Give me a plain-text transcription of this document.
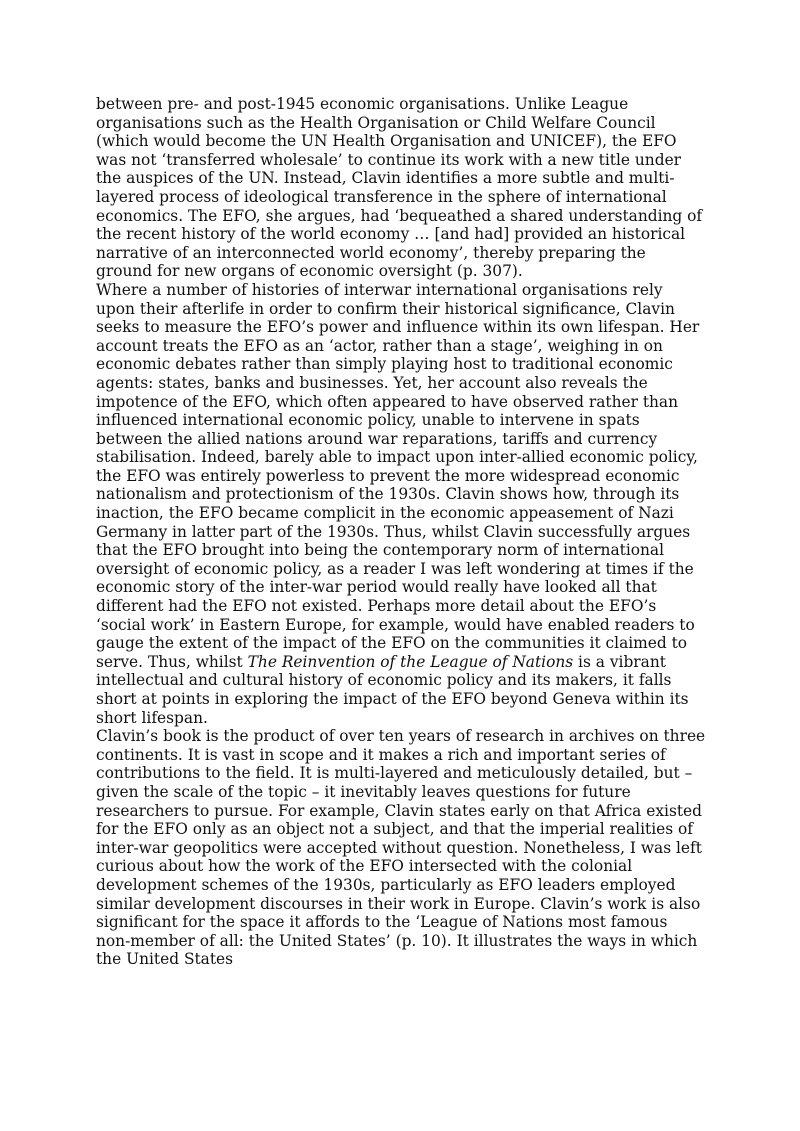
between pre- and post-1945 economic organisations. Unlike League organisations such as the Health Organisation or Child Welfare Council (which would become the UN Health Organisation and UNICEF), the EFO was not ‘transferred wholesale’ to continue its work with a new title under the auspices of the UN. Instead, Clavin identifies a more subtle and multi-layered process of ideological transference in the sphere of international economics. The EFO, she argues, had ‘bequeathed a shared understanding of the recent history of the world economy … [and had] provided an historical narrative of an interconnected world economy’, thereby preparing the ground for new organs of economic oversight (p. 307).

Where a number of histories of interwar international organisations rely upon their afterlife in order to confirm their historical significance, Clavin seeks to measure the EFO’s power and influence within its own lifespan. Her account treats the EFO as an ‘actor, rather than a stage’, weighing in on economic debates rather than simply playing host to traditional economic agents: states, banks and businesses. Yet, her account also reveals the impotence of the EFO, which often appeared to have observed rather than influenced international economic policy, unable to intervene in spats between the allied nations around war reparations, tariffs and currency stabilisation. Indeed, barely able to impact upon inter-allied economic policy, the EFO was entirely powerless to prevent the more widespread economic nationalism and protectionism of the 1930s. Clavin shows how, through its inaction, the EFO became complicit in the economic appeasement of Nazi Germany in latter part of the 1930s. Thus, whilst Clavin successfully argues that the EFO brought into being the contemporary norm of international oversight of economic policy, as a reader I was left wondering at times if the economic story of the inter-war period would really have looked all that different had the EFO not existed. Perhaps more detail about the EFO’s ‘social work’ in Eastern Europe, for example, would have enabled readers to gauge the extent of the impact of the EFO on the communities it claimed to serve. Thus, whilst The Reinvention of the League of Nations is a vibrant intellectual and cultural history of economic policy and its makers, it falls short at points in exploring the impact of the EFO beyond Geneva within its short lifespan.

Clavin’s book is the product of over ten years of research in archives on three continents. It is vast in scope and it makes a rich and important series of contributions to the field. It is multi-layered and meticulously detailed, but – given the scale of the topic – it inevitably leaves questions for future researchers to pursue. For example, Clavin states early on that Africa existed for the EFO only as an object not a subject, and that the imperial realities of inter-war geopolitics were accepted without question. Nonetheless, I was left curious about how the work of the EFO intersected with the colonial development schemes of the 1930s, particularly as EFO leaders employed similar development discourses in their work in Europe. Clavin’s work is also significant for the space it affords to the ‘League of Nations most famous non-member of all: the United States’ (p. 10). It illustrates the ways in which the United States
